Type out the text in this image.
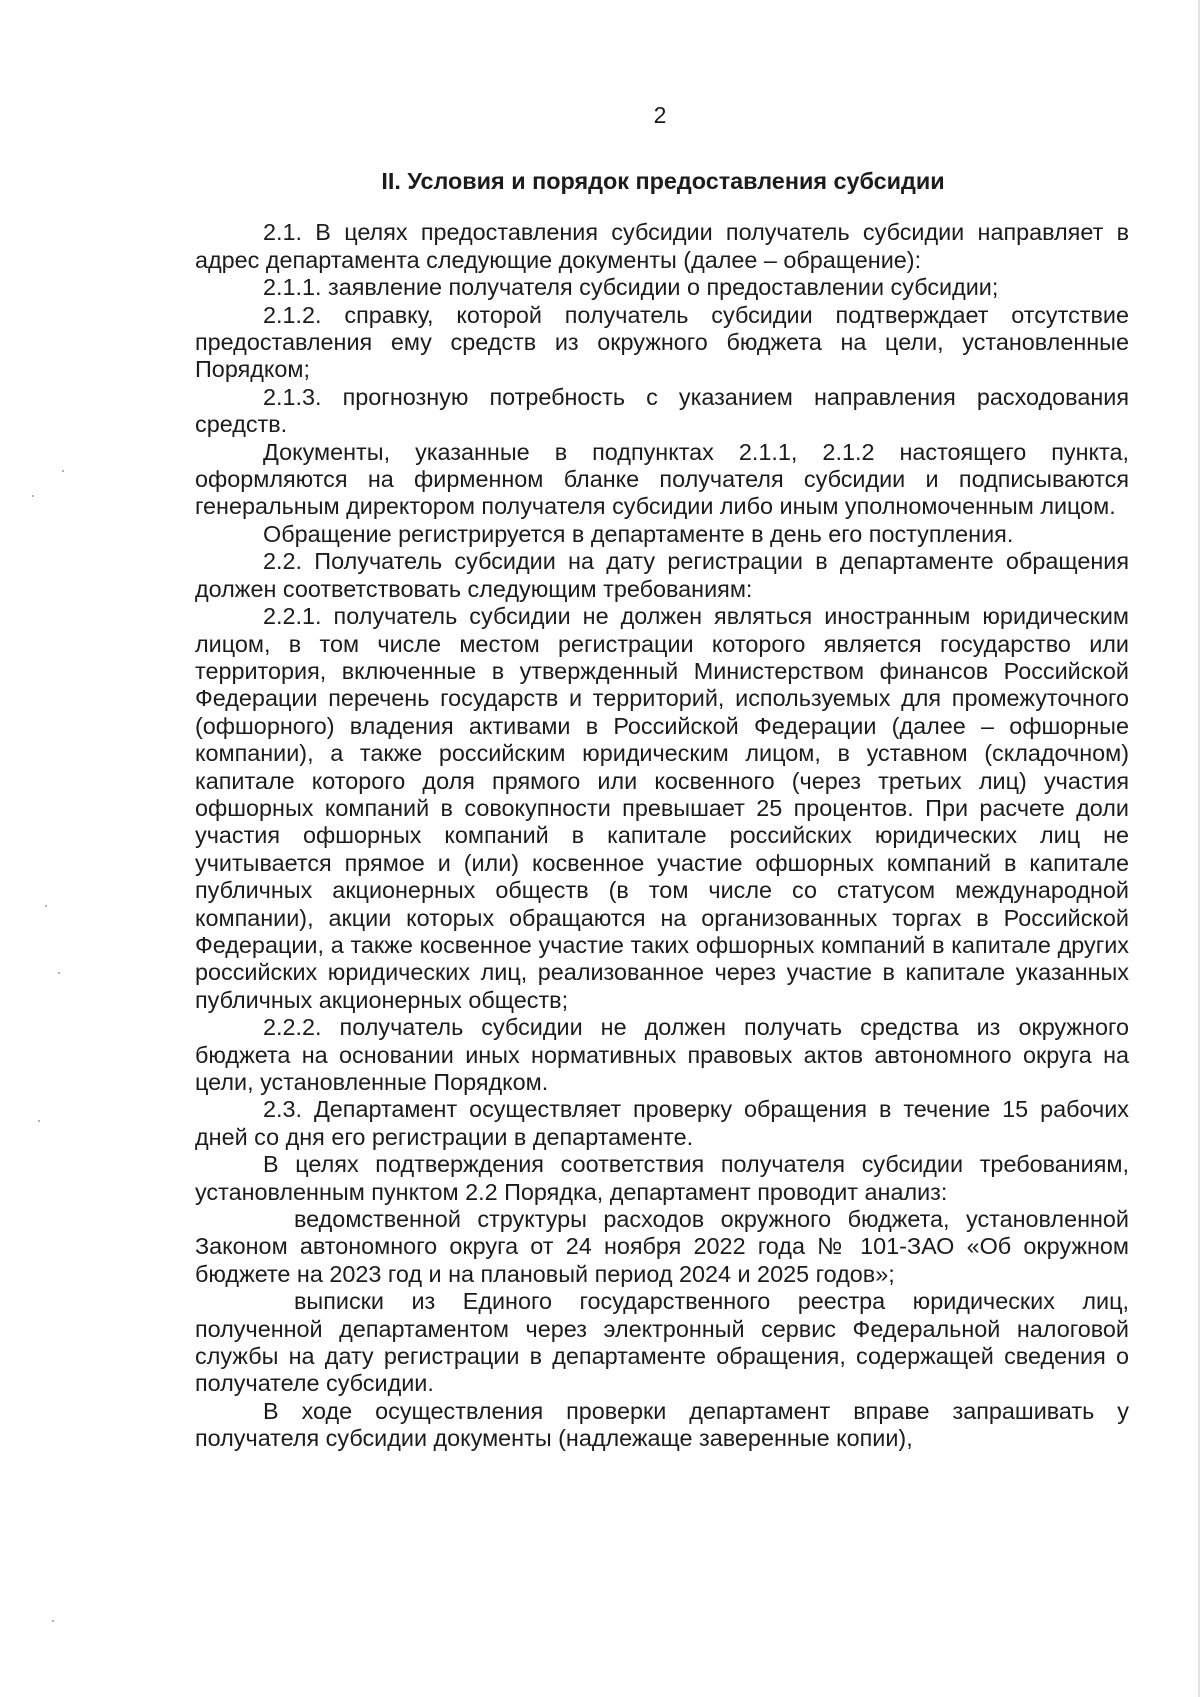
2
II. Условия и порядок предоставления субсидии

2.1. В целях предоставления субсидии получатель субсидии направляет в адрес департамента следующие документы (далее – обращение):

2.1.1. заявление получателя субсидии о предоставлении субсидии;

2.1.2. справку, которой получатель субсидии подтверждает отсутствие предоставления ему средств из окружного бюджета на цели, установленные Порядком;

2.1.3. прогнозную потребность с указанием направления расходования средств.

Документы, указанные в подпунктах 2.1.1, 2.1.2 настоящего пункта, оформляются на фирменном бланке получателя субсидии и подписываются генеральным директором получателя субсидии либо иным уполномоченным лицом.

Обращение регистрируется в департаменте в день его поступления.

2.2. Получатель субсидии на дату регистрации в департаменте обращения должен соответствовать следующим требованиям:

2.2.1. получатель субсидии не должен являться иностранным юридическим лицом, в том числе местом регистрации которого является государство или территория, включенные в утвержденный Министерством финансов Российской Федерации перечень государств и территорий, используемых для промежуточного (офшорного) владения активами в Российской Федерации (далее – офшорные компании), а также российским юридическим лицом, в уставном (складочном) капитале которого доля прямого или косвенного (через третьих лиц) участия офшорных компаний в совокупности превышает 25 процентов. При расчете доли участия офшорных компаний в капитале российских юридических лиц не учитывается прямое и (или) косвенное участие офшорных компаний в капитале публичных акционерных обществ (в том числе со статусом международной компании), акции которых обращаются на организованных торгах в Российской Федерации, а также косвенное участие таких офшорных компаний в капитале других российских юридических лиц, реализованное через участие в капитале указанных публичных акционерных обществ;

2.2.2. получатель субсидии не должен получать средства из окружного бюджета на основании иных нормативных правовых актов автономного округа на цели, установленные Порядком.

2.3. Департамент осуществляет проверку обращения в течение 15 рабочих дней со дня его регистрации в департаменте.

В целях подтверждения соответствия получателя субсидии требованиям, установленным пунктом 2.2 Порядка, департамент проводит анализ:

ведомственной структуры расходов окружного бюджета, установленной Законом автономного округа от 24 ноября 2022 года № 101-ЗАО «Об окружном бюджете на 2023 год и на плановый период 2024 и 2025 годов»;

выписки из Единого государственного реестра юридических лиц, полученной департаментом через электронный сервис Федеральной налоговой службы на дату регистрации в департаменте обращения, содержащей сведения о получателе субсидии.

В ходе осуществления проверки департамент вправе запрашивать у получателя субсидии документы (надлежаще заверенные копии),
